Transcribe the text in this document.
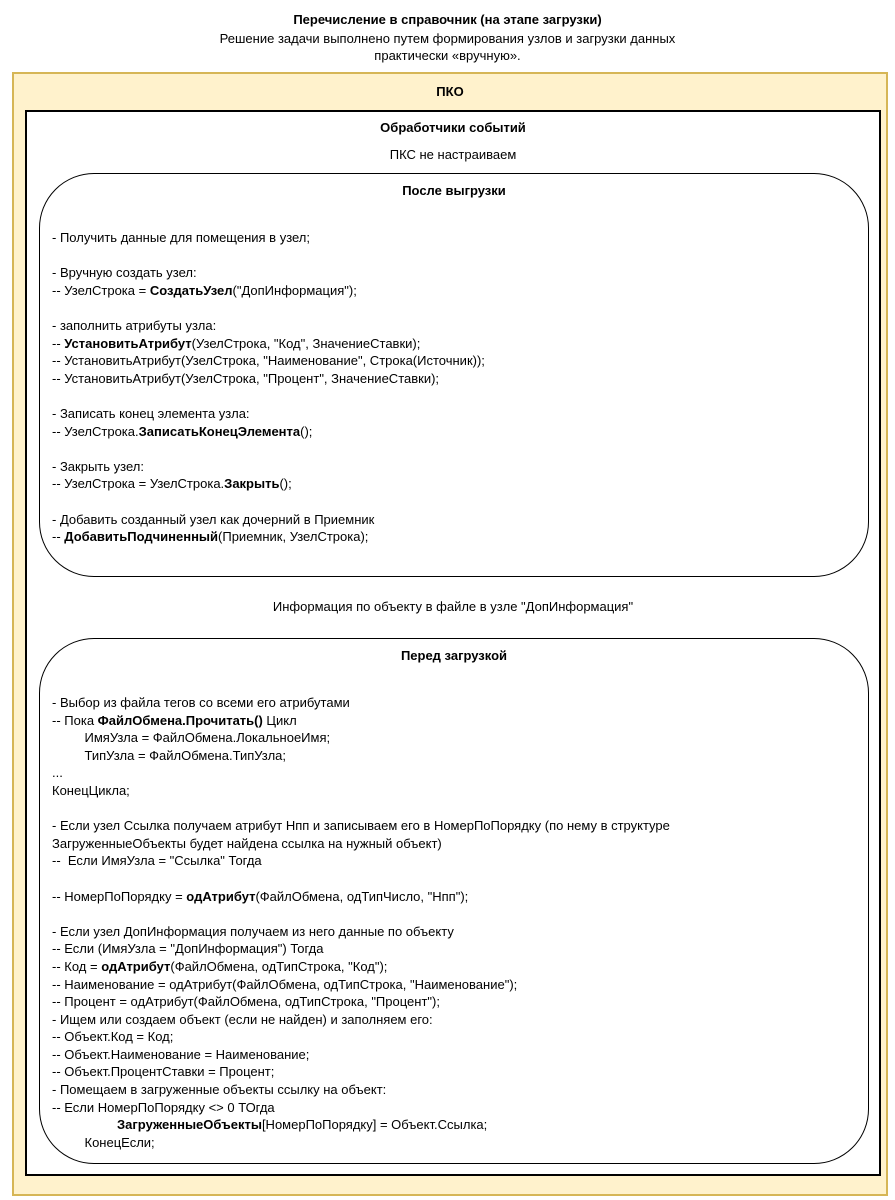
Перечисление в справочник (на этапе загрузки)
Решение задачи выполнено путем формирования узлов и загрузки данных
практически «вручную».
ПКО
Обработчики событий
ПКС не настраиваем
После выгрузки
- Получить данные для помещения в узел;
- Вручную создать узел:
-- УзелСтрока = СоздатьУзел("ДопИнформация");
- заполнить атрибуты узла:
-- УстановитьАтрибут(УзелСтрока, "Код", ЗначениеСтавки);
-- УстановитьАтрибут(УзелСтрока, "Наименование", Строка(Источник));
-- УстановитьАтрибут(УзелСтрока, "Процент", ЗначениеСтавки);
- Записать конец элемента узла:
-- УзелСтрока.ЗаписатьКонецЭлемента();
- Закрыть узел:
-- УзелСтрока = УзелСтрока.Закрыть();
- Добавить созданный узел как дочерний в Приемник
-- ДобавитьПодчиненный(Приемник, УзелСтрока);
Информация по объекту в файле в узле "ДопИнформация"
Перед загрузкой
- Выбор из файла тегов со всеми его атрибутами
-- Пока ФайлОбмена.Прочитать() Цикл
ИмяУзла = ФайлОбмена.ЛокальноеИмя;
ТипУзла = ФайлОбмена.ТипУзла;
...
КонецЦикла;
- Если узел Ссылка получаем атрибут Нпп и записываем его в НомерПоПорядку (по нему в структуре
ЗагруженныеОбъекты будет найдена ссылка на нужный объект)
--  Если ИмяУзла = "Ссылка" Тогда
-- НомерПоПорядку = одАтрибут(ФайлОбмена, одТипЧисло, "Нпп");
- Если узел ДопИнформация получаем из него данные по объекту
-- Если (ИмяУзла = "ДопИнформация") Тогда
-- Код = одАтрибут(ФайлОбмена, одТипСтрока, "Код");
-- Наименование = одАтрибут(ФайлОбмена, одТипСтрока, "Наименование");
-- Процент = одАтрибут(ФайлОбмена, одТипСтрока, "Процент");
- Ищем или создаем объект (если не найден) и заполняем его:
-- Объект.Код = Код;
-- Объект.Наименование = Наименование;
-- Объект.ПроцентСтавки = Процент;
- Помещаем в загруженные объекты ссылку на объект:
-- Если НомерПоПорядку <> 0 ТОгда
ЗагруженныеОбъекты[НомерПоПорядку] = Объект.Ссылка;
КонецЕсли;
